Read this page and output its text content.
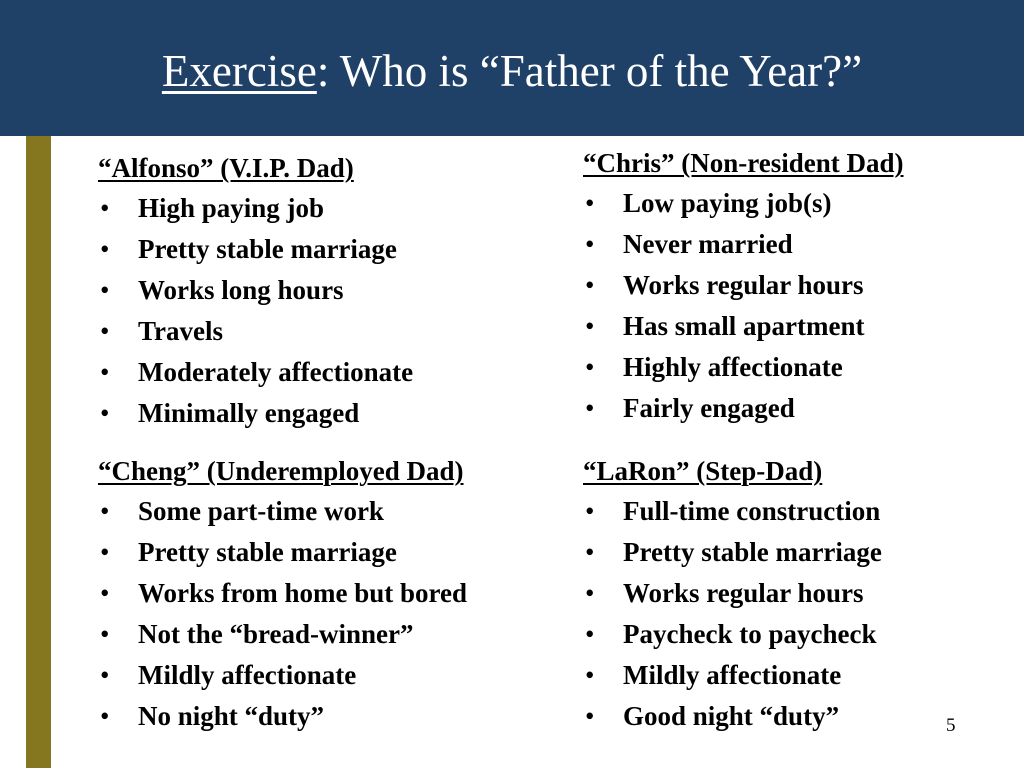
Exercise: Who is “Father of the Year?”
“Alfonso” (V.I.P. Dad)
• High paying job
• Pretty stable marriage
• Works long hours
• Travels
• Moderately affectionate
• Minimally engaged
“Chris” (Non-resident Dad)
• Low paying job(s)
• Never married
• Works regular hours
• Has small apartment
• Highly affectionate
• Fairly engaged
“Cheng” (Underemployed Dad)
• Some part-time work
• Pretty stable marriage
• Works from home but bored
• Not the “bread-winner”
• Mildly affectionate
• No night “duty”
“LaRon” (Step-Dad)
• Full-time construction
• Pretty stable marriage
• Works regular hours
• Paycheck to paycheck
• Mildly affectionate
• Good night “duty”	5
